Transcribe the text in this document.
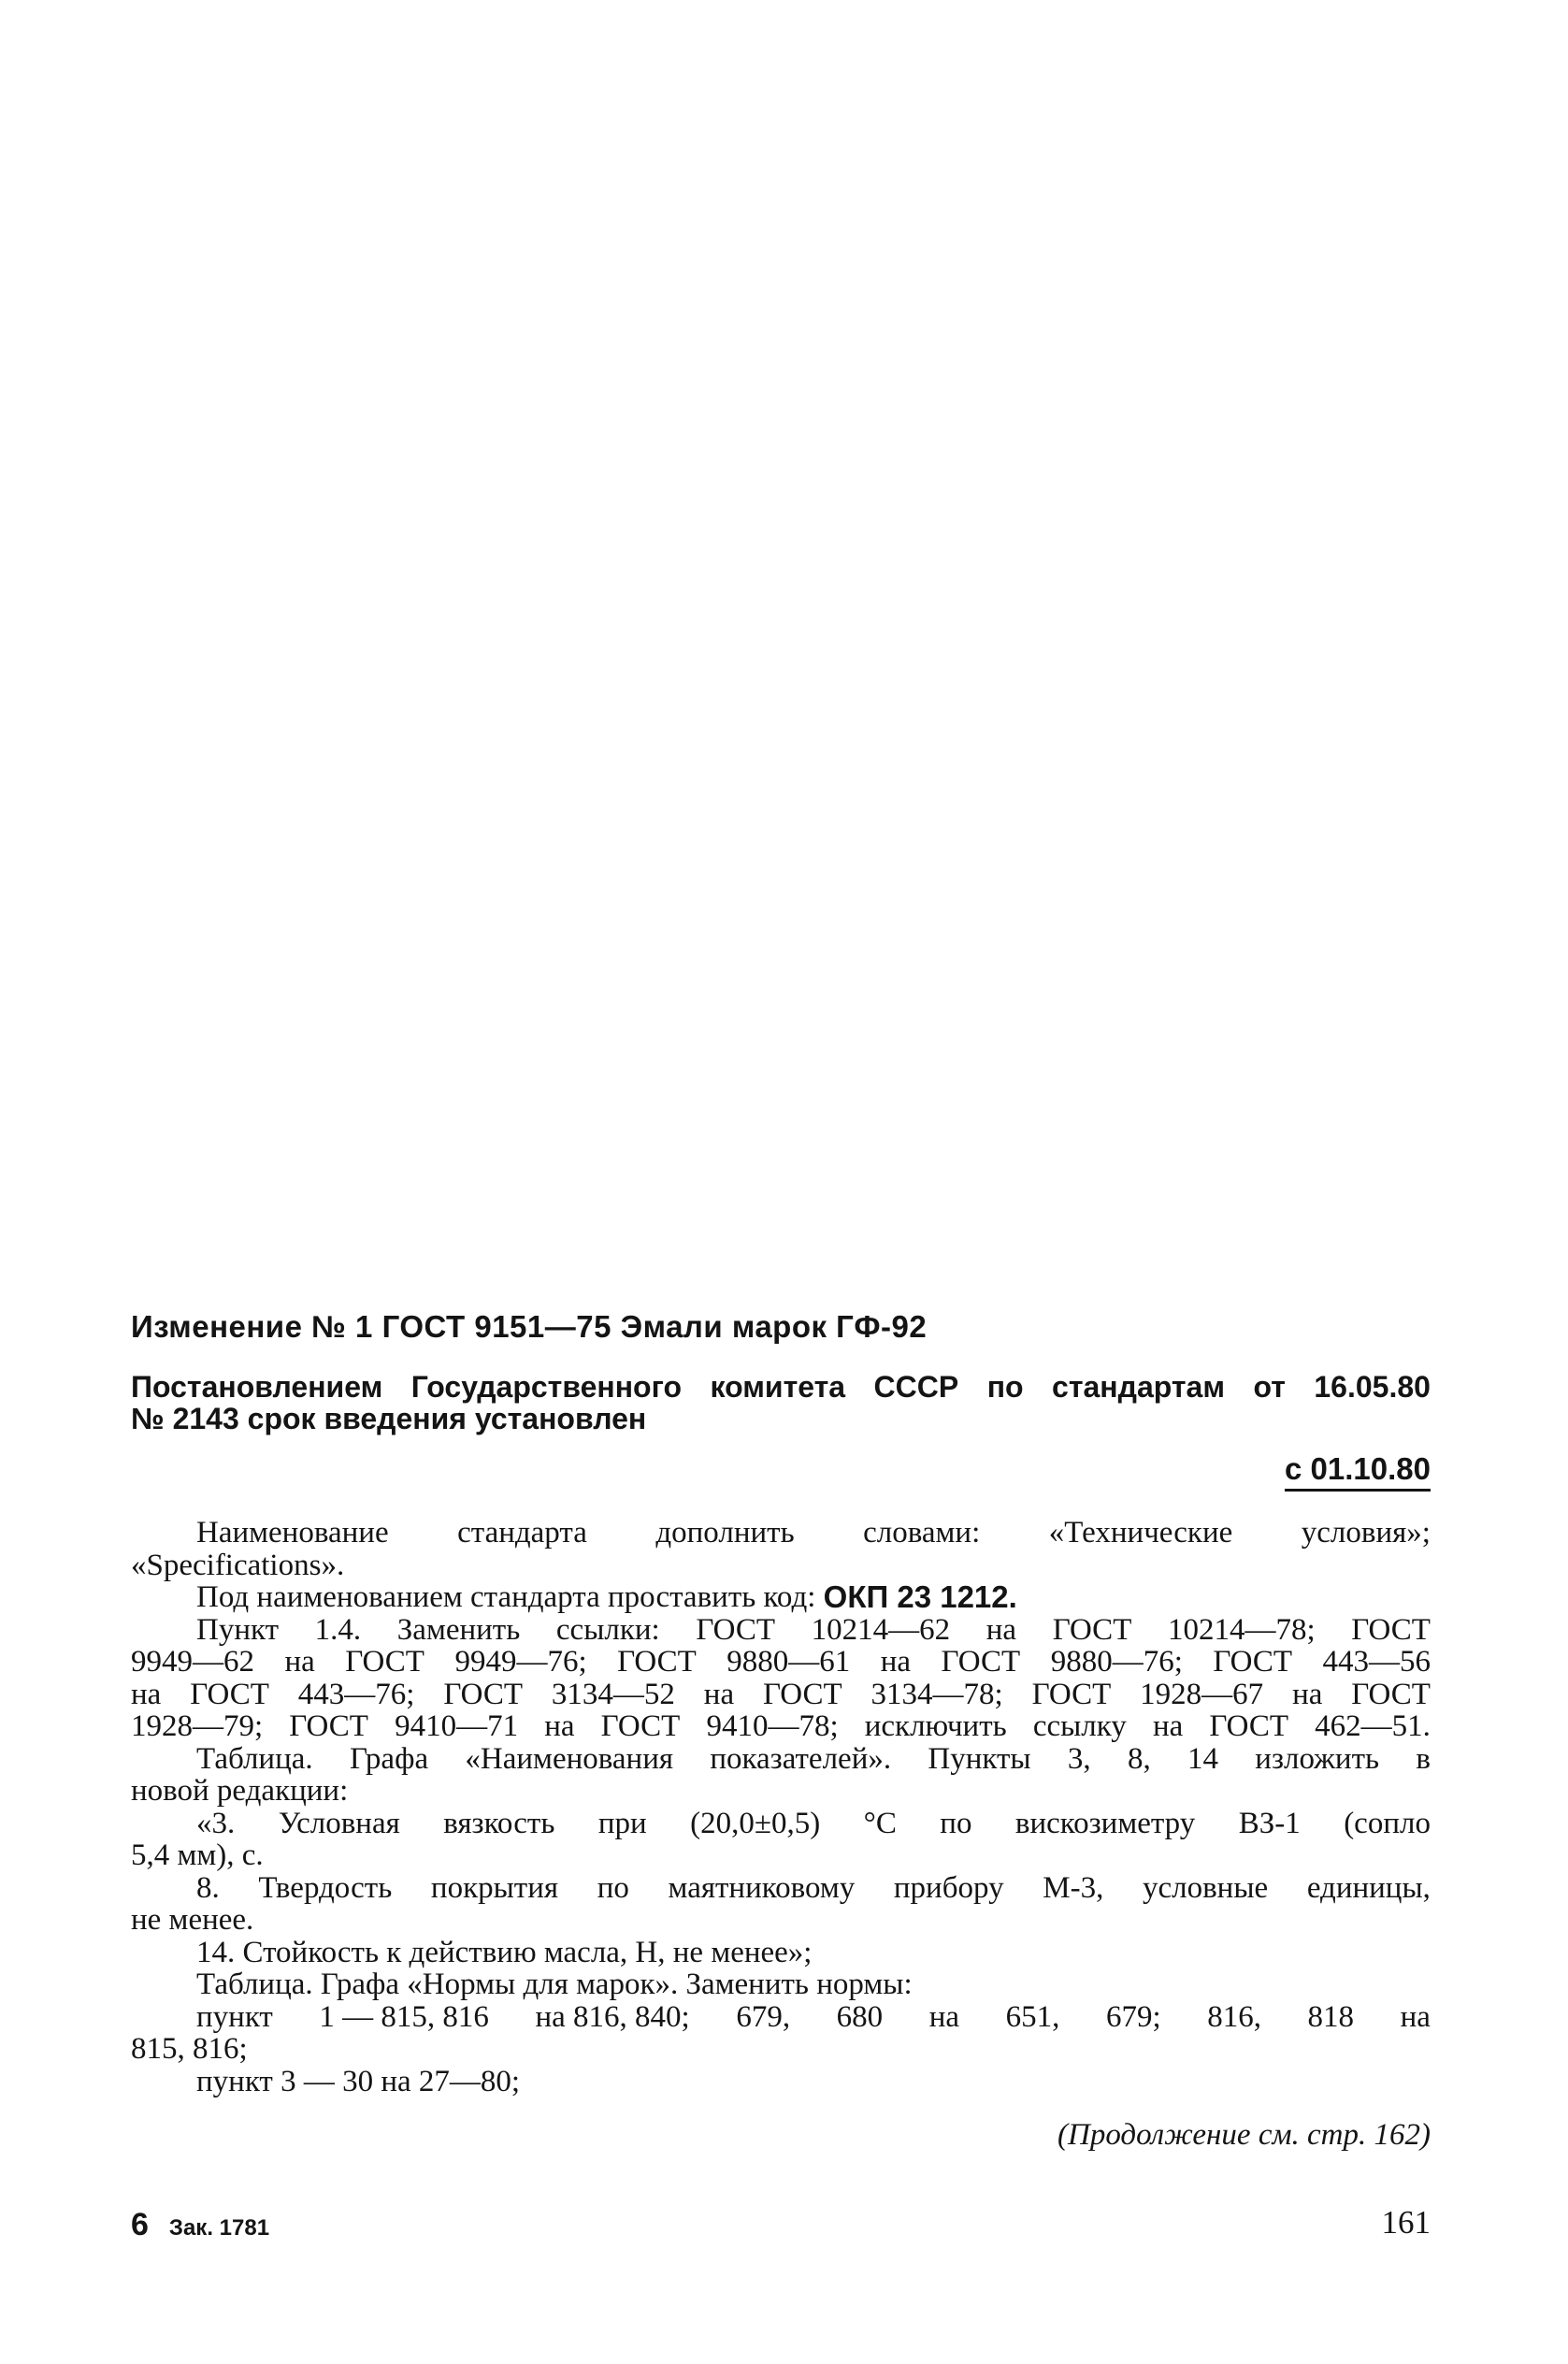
Изменение № 1 ГОСТ 9151—75 Эмали марок ГФ-92
Постановлением Государственного комитета СССР по стандартам от 16.05.80
№ 2143 срок введения установлен
с 01.10.80
Наименование стандарта дополнить словами: «Технические условия»;
«Specifications».
Под наименованием стандарта проставить код:
ОКП 23 1212.
Пункт 1.4. Заменить ссылки: ГОСТ 10214—62 на ГОСТ 10214—78; ГОСТ
9949—62 на ГОСТ 9949—76; ГОСТ 9880—61 на ГОСТ 9880—76; ГОСТ 443—56
на ГОСТ 443—76; ГОСТ 3134—52 на ГОСТ 3134—78; ГОСТ 1928—67 на ГОСТ
1928—79; ГОСТ 9410—71 на ГОСТ 9410—78; исключить ссылку на ГОСТ 462—51.
Таблица. Графа «Наименования показателей». Пункты 3, 8, 14 изложить в
новой редакции:
«3. Условная вязкость при (20,0±0,5) °С по вискозиметру ВЗ-1 (сопло
5,4 мм), с.
8. Твердость покрытия по маятниковому прибору М-3, условные единицы,
не менее.
14. Стойкость к действию масла, Н, не менее»;
Таблица. Графа «Нормы для марок». Заменить нормы:
пункт 1 — 815, 816 на 816, 840; 679, 680 на 651, 679; 816, 818 на
815, 816;
пункт 3 — 30 на 27—80;
(Продолжение см. стр. 162)
6 Зак. 1781	161
